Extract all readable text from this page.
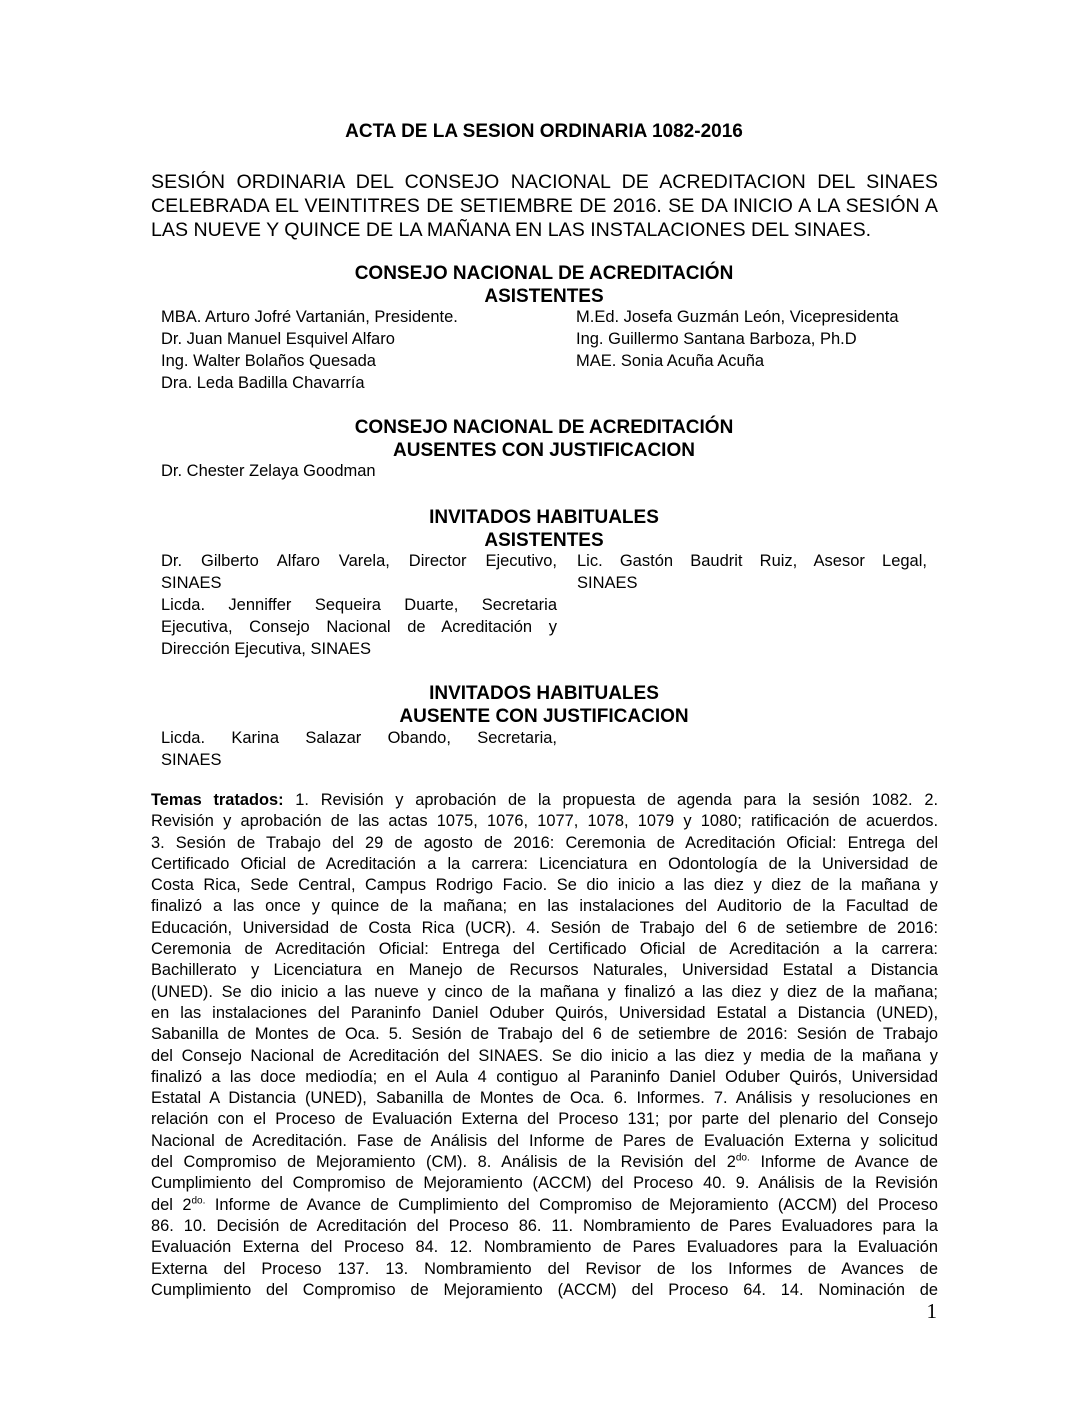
ACTA DE LA SESION ORDINARIA 1082-2016
SESIÓN ORDINARIA DEL CONSEJO NACIONAL DE ACREDITACION DEL SINAES
CELEBRADA EL VEINTITRES DE SETIEMBRE DE 2016. SE DA INICIO A LA SESIÓN A
LAS NUEVE Y QUINCE DE LA MAÑANA EN LAS INSTALACIONES DEL SINAES.
CONSEJO NACIONAL DE ACREDITACIÓN
ASISTENTES
MBA. Arturo Jofré Vartanián, Presidente.
Dr. Juan Manuel Esquivel Alfaro
Ing. Walter Bolaños Quesada
Dra. Leda Badilla Chavarría
M.Ed. Josefa Guzmán León, Vicepresidenta
Ing. Guillermo Santana Barboza, Ph.D
MAE. Sonia Acuña Acuña
CONSEJO NACIONAL DE ACREDITACIÓN
AUSENTES CON JUSTIFICACION
Dr. Chester Zelaya Goodman
INVITADOS HABITUALES
ASISTENTES
Dr. Gilberto Alfaro Varela, Director Ejecutivo,
SINAES
Licda. Jenniffer Sequeira Duarte, Secretaria
Ejecutiva, Consejo Nacional de Acreditación y
Dirección Ejecutiva, SINAES
Lic. Gastón Baudrit Ruiz, Asesor Legal,
SINAES
INVITADOS HABITUALES
AUSENTE CON JUSTIFICACION
Licda. Karina Salazar Obando, Secretaria,
SINAES
Temas tratados: 1. Revisión y aprobación de la propuesta de agenda para la sesión 1082. 2.
Revisión y aprobación de las actas 1075, 1076, 1077, 1078, 1079 y 1080; ratificación de acuerdos.
3. Sesión de Trabajo del 29 de agosto de 2016: Ceremonia de Acreditación Oficial: Entrega del
Certificado Oficial de Acreditación a la carrera: Licenciatura en Odontología de la Universidad de
Costa Rica, Sede Central, Campus Rodrigo Facio. Se dio inicio a las diez y diez de la mañana y
finalizó a las once y quince de la mañana; en las instalaciones del Auditorio de la Facultad de
Educación, Universidad de Costa Rica (UCR). 4. Sesión de Trabajo del 6 de setiembre de 2016:
Ceremonia de Acreditación Oficial: Entrega del Certificado Oficial de Acreditación a la carrera:
Bachillerato y Licenciatura en Manejo de Recursos Naturales, Universidad Estatal a Distancia
(UNED). Se dio inicio a las nueve y cinco de la mañana y finalizó a las diez y diez de la mañana;
en las instalaciones del Paraninfo Daniel Oduber Quirós, Universidad Estatal a Distancia (UNED),
Sabanilla de Montes de Oca. 5. Sesión de Trabajo del 6 de setiembre de 2016: Sesión de Trabajo
del Consejo Nacional de Acreditación del SINAES. Se dio inicio a las diez y media de la mañana y
finalizó a las doce mediodía; en el Aula 4 contiguo al Paraninfo Daniel Oduber Quirós, Universidad
Estatal A Distancia (UNED), Sabanilla de Montes de Oca. 6. Informes. 7. Análisis y resoluciones en
relación con el Proceso de Evaluación Externa del Proceso 131; por parte del plenario del Consejo
Nacional de Acreditación. Fase de Análisis del Informe de Pares de Evaluación Externa y solicitud
del Compromiso de Mejoramiento (CM). 8. Análisis de la Revisión del $2^{do.}$ Informe de Avance de
Cumplimiento del Compromiso de Mejoramiento (ACCM) del Proceso 40. 9. Análisis de la Revisión
del $2^{do.}$ Informe de Avance de Cumplimiento del Compromiso de Mejoramiento (ACCM) del Proceso
86. 10. Decisión de Acreditación del Proceso 86. 11. Nombramiento de Pares Evaluadores para la
Evaluación Externa del Proceso 84. 12. Nombramiento de Pares Evaluadores para la Evaluación
Externa del Proceso 137. 13. Nombramiento del Revisor de los Informes de Avances de
Cumplimiento del Compromiso de Mejoramiento (ACCM) del Proceso 64. 14. Nominación de
1
